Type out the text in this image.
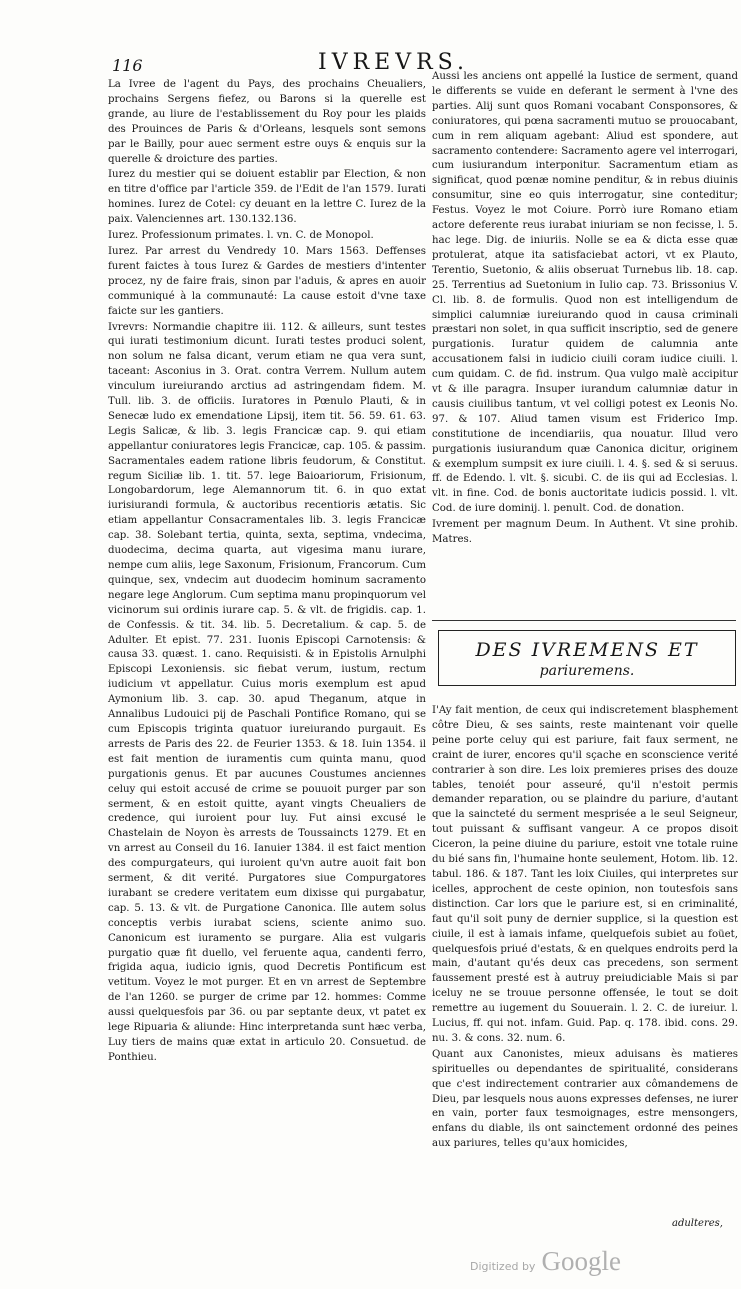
116	IVREVRS.

La Ivree de l'agent du Pays, des prochains Cheualiers, prochains Sergens fiefez, ou Barons si la querelle est grande, au liure de l'establissement du Roy pour les plaids des Prouinces de Paris & d'Orleans, lesquels sont semons par le Bailly, pour auec serment estre ouys & enquis sur la querelle & droicture des parties.

Iurez du mestier qui se doiuent establir par Election, & non en titre d'office par l'article 359. de l'Edit de l'an 1579. Iurati homines. Iurez de Cotel: cy deuant en la lettre C. Iurez de la paix. Valenciennes art. 130.132.136.

Iurez. Professionum primates. l. vn. C. de Monopol.

Iurez. Par arrest du Vendredy 10. Mars 1563. Deffenses furent faictes à tous Iurez & Gardes de mestiers d'intenter procez, ny de faire frais, sinon par l'aduis, & apres en auoir communiqué à la communauté: La cause estoit d'vne taxe faicte sur les gantiers.

Ivrevrs: Normandie chapitre iii. 112. & ailleurs, sunt testes qui iurati testimonium dicunt. Iurati testes produci solent, non solum ne falsa dicant, verum etiam ne qua vera sunt, taceant: Asconius in 3. Orat. contra Verrem. Nullum autem vinculum iureiurando arctius ad astringendam fidem. M. Tull. lib. 3. de officiis. Iuratores in Pœnulo Plauti, & in Senecæ ludo ex emendatione Lipsij, item tit. 56. 59. 61. 63. Legis Salicæ, & lib. 3. legis Francicæ cap. 9. qui etiam appellantur coniuratores legis Francicæ, cap. 105. & passim. Sacramentales eadem ratione libris feudorum, & Constitut. regum Siciliæ lib. 1. tit. 57. lege Baioariorum, Frisionum, Longobardorum, lege Alemannorum tit. 6. in quo extat iurisiurandi formula, & auctoribus recentioris ætatis. Sic etiam appellantur Consacramentales lib. 3. legis Francicæ cap. 38. Solebant tertia, quinta, sexta, septima, vndecima, duodecima, decima quarta, aut vigesima manu iurare, nempe cum aliis, lege Saxonum, Frisionum, Francorum. Cum quinque, sex, vndecim aut duodecim hominum sacramento negare lege Anglorum. Cum septima manu propinquorum vel vicinorum sui ordinis iurare cap. 5. & vlt. de frigidis. cap. 1. de Confessis. & tit. 34. lib. 5. Decretalium. & cap. 5. de Adulter. Et epist. 77. 231. Iuonis Episcopi Carnotensis: & causa 33. quæst. 1. cano. Requisisti. & in Epistolis Arnulphi Episcopi Lexoniensis. sic fiebat verum, iustum, rectum iudicium vt appellatur. Cuius moris exemplum est apud Aymonium lib. 3. cap. 30. apud Theganum, atque in Annalibus Ludouici pij de Paschali Pontifice Romano, qui se cum Episcopis triginta quatuor iureiurando purgauit. Es arrests de Paris des 22. de Feurier 1353. & 18. Iuin 1354. il est fait mention de iuramentis cum quinta manu, quod purgationis genus. Et par aucunes Coustumes anciennes celuy qui estoit accusé de crime se pouuoit purger par son serment, & en estoit quitte, ayant vingts Cheualiers de credence, qui iuroient pour luy. Fut ainsi excusé le Chastelain de Noyon ès arrests de Toussaincts 1279. Et en vn arrest au Conseil du 16. Ianuier 1384. il est faict mention des compurgateurs, qui iuroient qu'vn autre auoit fait bon serment, & dit verité. Purgatores siue Compurgatores iurabant se credere veritatem eum dixisse qui purgabatur, cap. 5. 13. & vlt. de Purgatione Canonica. Ille autem solus conceptis verbis iurabat sciens, sciente animo suo. Canonicum est iuramento se purgare. Alia est vulgaris purgatio quæ fit duello, vel feruente aqua, candenti ferro, frigida aqua, iudicio ignis, quod Decretis Pontificum est vetitum. Voyez le mot purger. Et en vn arrest de Septembre de l'an 1260. se purger de crime par 12. hommes: Comme aussi quelquesfois par 36. ou par septante deux, vt patet ex lege Ripuaria & aliunde: Hinc interpretanda sunt hæc verba, Luy tiers de mains quæ extat in articulo 20. Consuetud. de Ponthieu.

Aussi les anciens ont appellé la Iustice de serment, quand le differents se vuide en deferant le serment à l'vne des parties. Alij sunt quos Romani vocabant Consponsores, & coniuratores, qui pœna sacramenti mutuo se prouocabant, cum in rem aliquam agebant: Aliud est spondere, aut sacramento contendere: Sacramento agere vel interrogari, cum iusiurandum interponitur. Sacramentum etiam as significat, quod pœnæ nomine penditur, & in rebus diuinis consumitur, sine eo quis interrogatur, sine conteditur; Festus. Voyez le mot Coiure. Porrò iure Romano etiam actore deferente reus iurabat iniuriam se non fecisse, l. 5. hac lege. Dig. de iniuriis. Nolle se ea & dicta esse quæ protulerat, atque ita satisfaciebat actori, vt ex Plauto, Terentio, Suetonio, & aliis obseruat Turnebus lib. 18. cap. 25. Terrentius ad Suetonium in Iulio cap. 73. Brissonius V. Cl. lib. 8. de formulis. Quod non est intelligendum de simplici calumniæ iureiurando quod in causa criminali præstari non solet, in qua sufficit inscriptio, sed de genere purgationis. Iuratur quidem de calumnia ante accusationem falsi in iudicio ciuili coram iudice ciuili. l. cum quidam. C. de fid. instrum. Qua vulgo malè accipitur vt & ille paragra. Insuper iurandum calumniæ datur in causis ciuilibus tantum, vt vel colligi potest ex Leonis No. 97. & 107. Aliud tamen visum est Friderico Imp. constitutione de incendiariis, qua nouatur. Illud vero purgationis iusiurandum quæ Canonica dicitur, originem & exemplum sumpsit ex iure ciuili. l. 4. §. sed & si seruus. ff. de Edendo. l. vlt. §. sicubi. C. de iis qui ad Ecclesias. l. vlt. in fine. Cod. de bonis auctoritate iudicis possid. l. vlt. Cod. de iure dominij. l. penult. Cod. de donation.

Ivrement per magnum Deum. In Authent. Vt sine prohib. Matres.

DES IVREMENS ET
pariuremens.

I'Ay fait mention, de ceux qui indiscretement blasphement côtre Dieu, & ses saints, reste maintenant voir quelle peine porte celuy qui est pariure, fait faux serment, ne craint de iurer, encores qu'il sçache en sconscience verité contrarier à son dire. Les loix premieres prises des douze tables, tenoiét pour asseuré, qu'il n'estoit permis demander reparation, ou se plaindre du pariure, d'autant que la saincteté du serment mesprisée a le seul Seigneur, tout puissant & suffisant vangeur. A ce propos disoit Ciceron, la peine diuine du pariure, estoit vne totale ruine du bié sans fin, l'humaine honte seulement, Hotom. lib. 12. tabul. 186. & 187. Tant les loix Ciuiles, qui interpretes sur icelles, approchent de ceste opinion, non toutesfois sans distinction. Car lors que le pariure est, si en criminalité, faut qu'il soit puny de dernier supplice, si la question est ciuile, il est à iamais infame, quelquefois subiet au foüet, quelquesfois priué d'estats, & en quelques endroits perd la main, d'autant qu'és deux cas precedens, son serment faussement presté est à autruy preiudiciable Mais si par iceluy ne se trouue personne offensée, le tout se doit remettre au iugement du Souuerain. l. 2. C. de iureiur. l. Lucius, ff. qui not. infam. Guid. Pap. q. 178. ibid. cons. 29. nu. 3. & cons. 32. num. 6.

Quant aux Canonistes, mieux aduisans ès matieres spirituelles ou dependantes de spiritualité, considerans que c'est indirectement contrarier aux cômandemens de Dieu, par lesquels nous auons expresses defenses, ne iurer en vain, porter faux tesmoignages, estre mensongers, enfans du diable, ils ont sainctement ordonné des peines aux pariures, telles qu'aux homicides,

adulteres,
Digitized by Google
